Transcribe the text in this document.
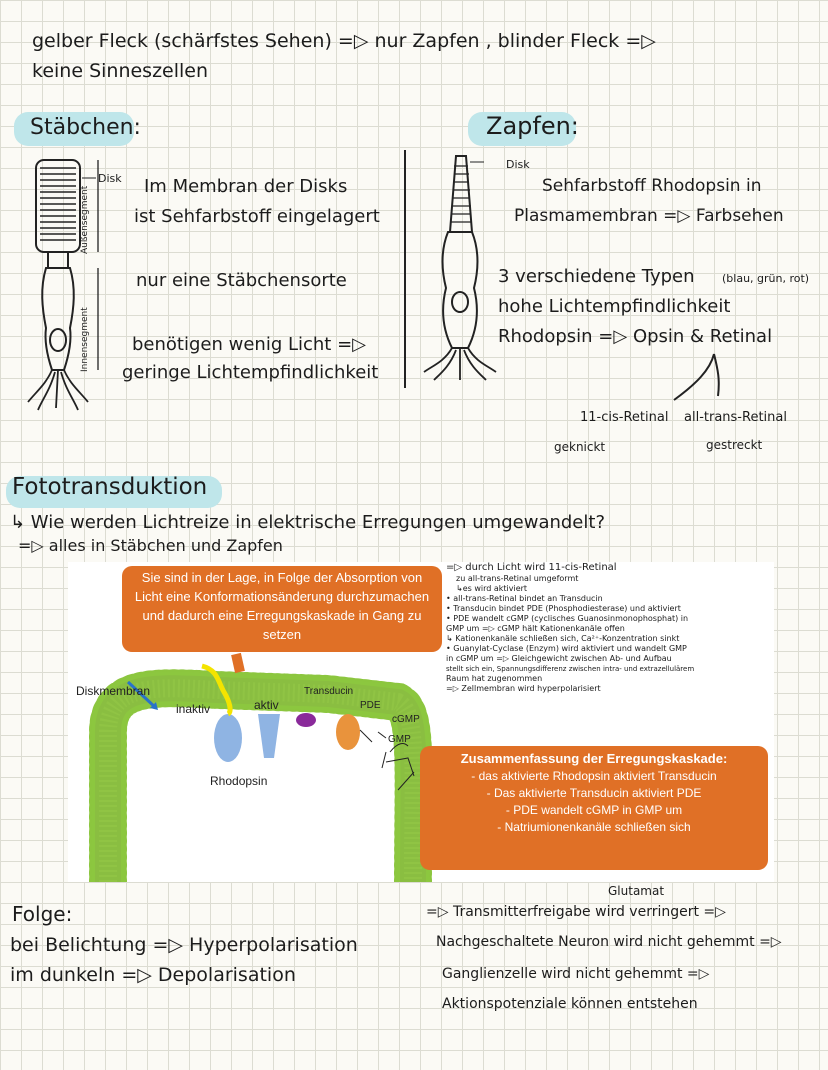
gelber Fleck (schärfstes Sehen) =▷ nur Zapfen , blinder Fleck =▷
keine Sinneszellen
Stäbchen:	Zapfen:
Disk
Außensegment
Innensegment
Im Membran der Disks
ist Sehfarbstoff eingelagert
nur eine Stäbchensorte
benötigen wenig Licht =▷
geringe Lichtempfindlichkeit
Disk
Sehfarbstoff Rhodopsin in
Plasmamembran =▷ Farbsehen
3 verschiedene Typen (blau, grün, rot)
hohe Lichtempfindlichkeit
Rhodopsin =▷ Opsin & Retinal
11-cis-Retinal
geknickt
all-trans-Retinal
gestreckt
Fototransduktion
↳ Wie werden Lichtreize in elektrische Erregungen umgewandelt?
=▷ alles in Stäbchen und Zapfen
Sie sind in der Lage, in Folge der Absorption von Licht eine Konformationsänderung durchzumachen und dadurch eine Erregungskaskade in Gang zu setzen
Diskmembran
inaktiv	aktiv
Transducin
PDE
cGMP
GMP
Rhodopsin
=▷ durch Licht wird 11-cis-Retinal
zu all-trans-Retinal umgeformt
↳es wird aktiviert
• all-trans-Retinal bindet an Transducin
• Transducin bindet PDE (Phosphodiesterase) und aktiviert
• PDE wandelt cGMP (cyclisches Guanosinmonophosphat) in
GMP um =▷ cGMP hält Kationenkanäle offen
↳ Kationenkanäle schließen sich, Ca²⁺-Konzentration sinkt
• Guanylat-Cyclase (Enzym) wird aktiviert und wandelt GMP
in cGMP um =▷ Gleichgewicht zwischen Ab- und Aufbau
stellt sich ein, Spannungsdifferenz zwischen intra- und extrazellulärem
Raum hat zugenommen
=▷ Zellmembran wird hyperpolarisiert
Zusammenfassung der Erregungskaskade:
- das aktivierte Rhodopsin aktiviert Transducin
- Das aktivierte Transducin aktiviert PDE
- PDE wandelt cGMP in GMP um
- Natriumionenkanäle schließen sich
Folge:
bei Belichtung =▷ Hyperpolarisation
im dunkeln =▷ Depolarisation
Glutamat
=▷ Transmitterfreigabe wird verringert =▷
Nachgeschaltete Neuron wird nicht gehemmt =▷
Ganglienzelle wird nicht gehemmt =▷
Aktionspotenziale können entstehen
